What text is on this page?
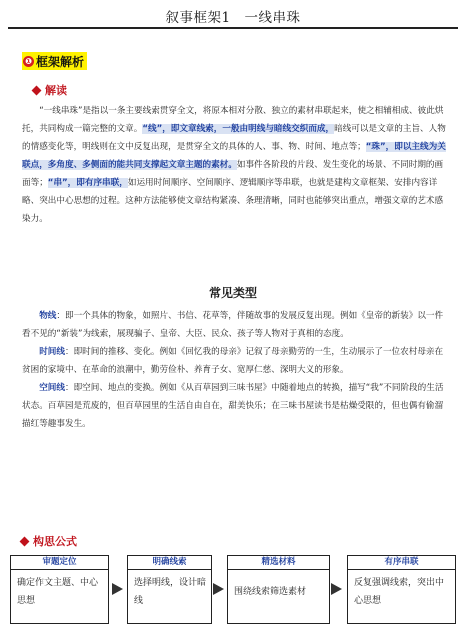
叙事框架1　一线串珠
❶ 框架解析
解读

“一线串珠”是指以一条主要线索贯穿全文，将原本相对分散、独立的素材串联起来，使之相辅相成、彼此烘托，共同构成一篇完整的文章。“线”，即文章线索，一般由明线与暗线交织而成，暗线可以是文章的主旨、人物的情感变化等，明线则在文中反复出现，是贯穿全文的具体的人、事、物、时间、地点等；“珠”，即以主线为关联点，多角度、多侧面的能共同支撑起文章主题的素材。如事件各阶段的片段、发生变化的场景、不同时期的画面等；“串”，即有序串联，如运用时间顺序、空间顺序、逻辑顺序等串联，也就是建构文章框架、安排内容详略、突出中心思想的过程。这种方法能够使文章结构紧凑、条理清晰，同时也能够突出重点，增强文章的艺术感染力。

常见类型

物线：即一个具体的物象，如照片、书信、花草等，伴随故事的发展反复出现。例如《皇帝的新装》以一件看不见的“新装”为线索，展现骗子、皇帝、大臣、民众、孩子等人物对于真相的态度。

时间线：即时间的推移、变化。例如《回忆我的母亲》记叙了母亲勤劳的一生，生动展示了一位农村母亲在贫困的家境中、在革命的浪潮中，勤劳俭朴、养育子女、宽厚仁慈、深明大义的形象。

空间线：即空间、地点的变换。例如《从百草园到三味书屋》中随着地点的转换，描写“我”不同阶段的生活状态。百草园是荒废的，但百草园里的生活自由自在，甜美快乐；在三味书屋读书是枯燥受限的，但也偶有偷溜描红等趣事发生。

构思公式
审题定位
确定作文主题、中心思想
明确线索
选择明线，设计暗线
精选材料
围绕线索筛选素材
有序串联
反复强调线索，突出中心思想
